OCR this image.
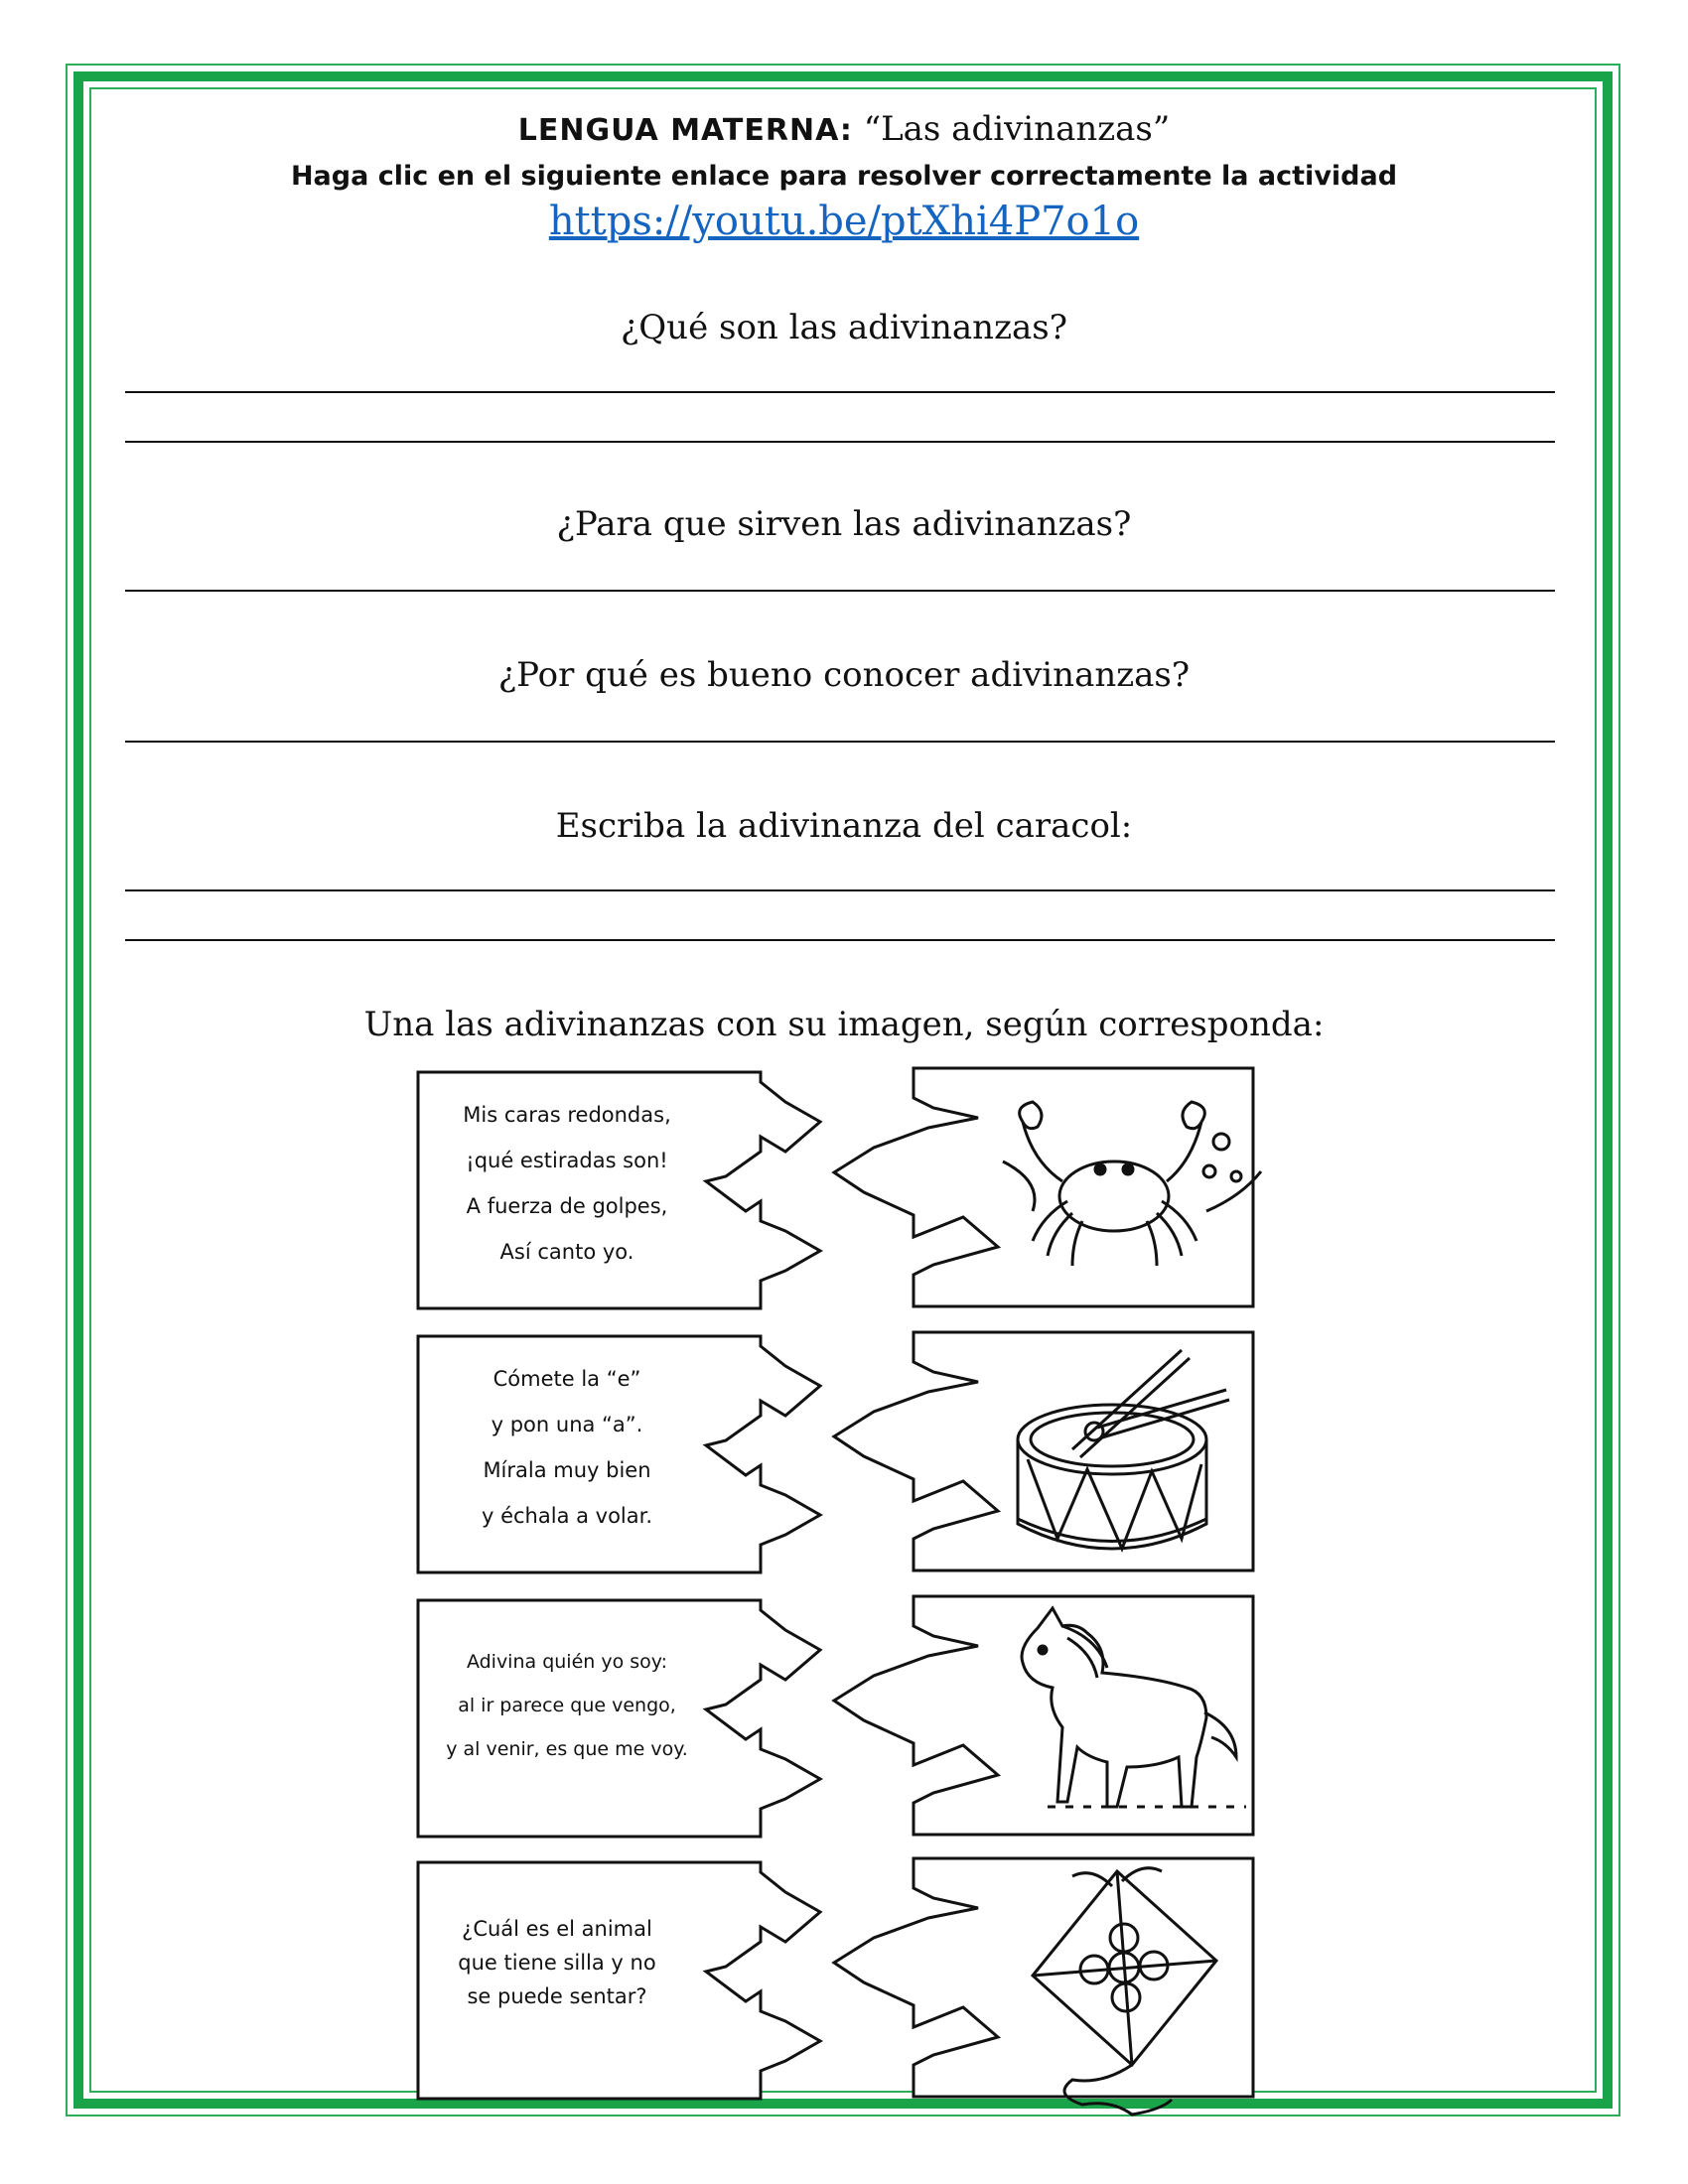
LENGUA MATERNA: “Las adivinanzas”
Haga clic en el siguiente enlace para resolver correctamente la actividad
https://youtu.be/ptXhi4P7o1o
¿Qué son las adivinanzas?
¿Para que sirven las adivinanzas?
¿Por qué es bueno conocer adivinanzas?
Escriba la adivinanza del caracol:
Una las adivinanzas con su imagen, según corresponda:
Mis caras redondas,
¡qué estiradas son!
A fuerza de golpes,
Así canto yo.
Cómete la “e”
y pon una “a”.
Mírala muy bien
y échala a volar.
Adivina quién yo soy:
al ir parece que vengo,
y al venir, es que me voy.
¿Cuál es el animal
que tiene silla y no
se puede sentar?
